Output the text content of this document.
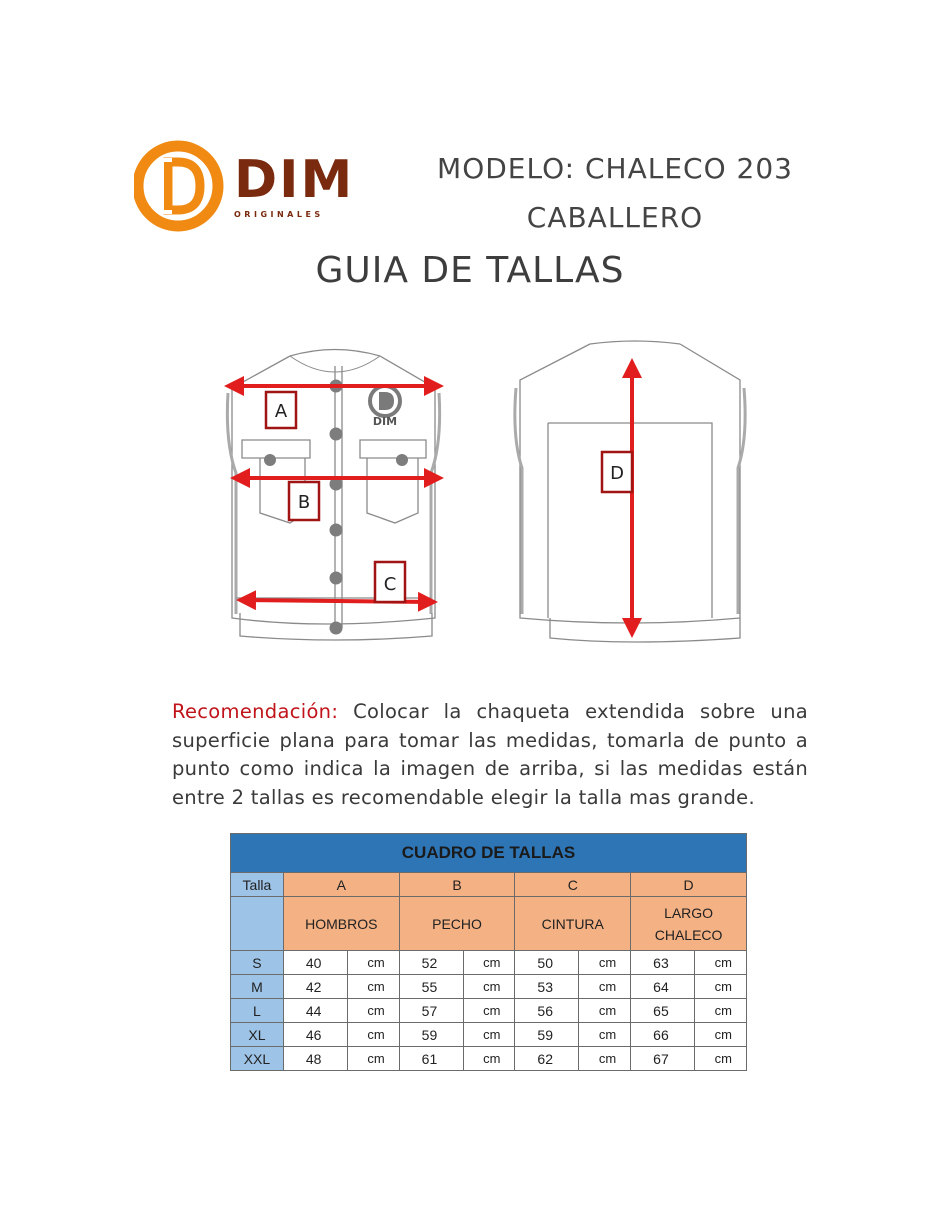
DIM
ORIGINALES
MODELO: CHALECO 203
CABALLERO
GUIA DE TALLAS
DIM
A
B
C
D
Recomendación: Colocar la chaqueta extendida sobre una superficie plana para tomar las medidas, tomarla de punto a punto como indica la imagen de arriba, si las medidas están entre 2 tallas es recomendable elegir la talla mas grande.
CUADRO DE TALLAS								
Talla	A		B		C		D	
	HOMBROS		PECHO		CINTURA		LARGO
CHALECO	
S	40	cm	52	cm	50	cm	63	cm
M	42	cm	55	cm	53	cm	64	cm
L	44	cm	57	cm	56	cm	65	cm
XL	46	cm	59	cm	59	cm	66	cm
XXL	48	cm	61	cm	62	cm	67	cm
